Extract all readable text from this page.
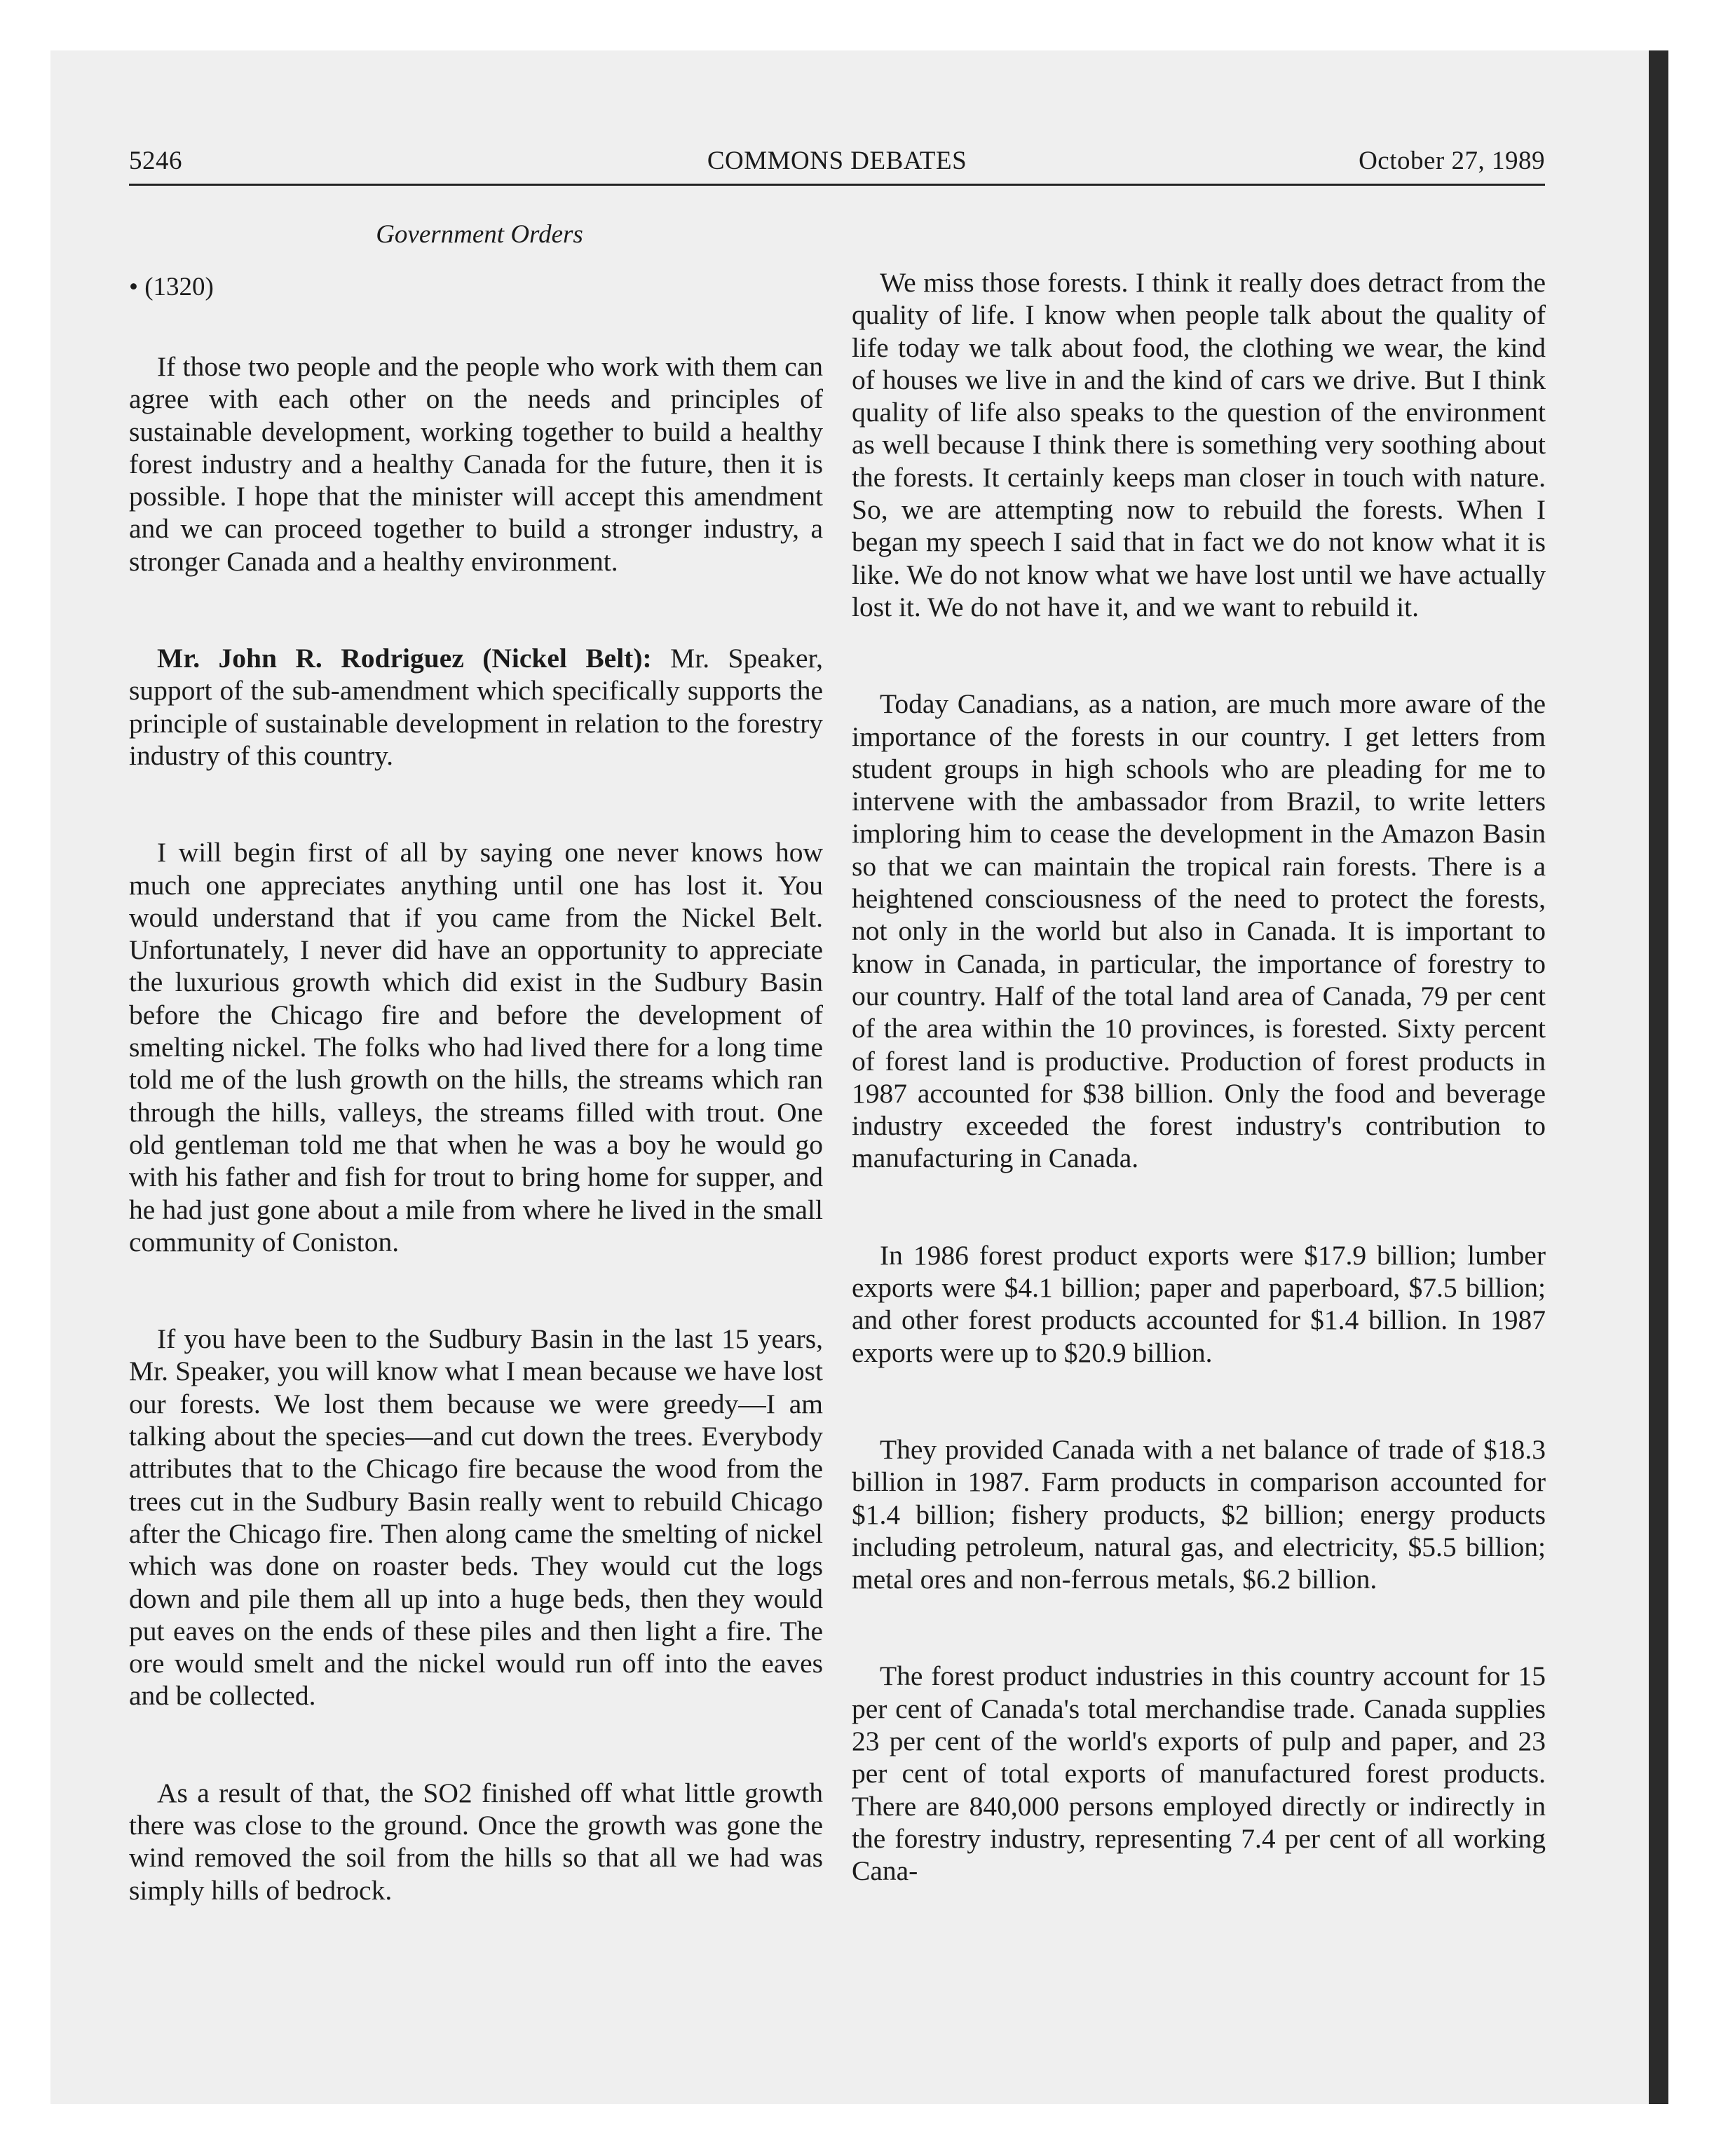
5246	COMMONS DEBATES	October 27, 1989
Government Orders
• (1320)

If those two people and the people who work with them can agree with each other on the needs and principles of sustainable development, working together to build a healthy forest industry and a healthy Canada for the future, then it is possible. I hope that the minister will accept this amendment and we can proceed together to build a stronger industry, a stronger Canada and a healthy environment.

Mr. John R. Rodriguez (Nickel Belt): Mr. Speaker, support of the sub-amendment which specifically supports the principle of sustainable development in relation to the forestry industry of this country.

I will begin first of all by saying one never knows how much one appreciates anything until one has lost it. You would understand that if you came from the Nickel Belt. Unfortunately, I never did have an opportunity to appreciate the luxurious growth which did exist in the Sudbury Basin before the Chicago fire and before the development of smelting nickel. The folks who had lived there for a long time told me of the lush growth on the hills, the streams which ran through the hills, valleys, the streams filled with trout. One old gentleman told me that when he was a boy he would go with his father and fish for trout to bring home for supper, and he had just gone about a mile from where he lived in the small community of Coniston.

If you have been to the Sudbury Basin in the last 15 years, Mr. Speaker, you will know what I mean because we have lost our forests. We lost them because we were greedy—I am talking about the species—and cut down the trees. Everybody attributes that to the Chicago fire because the wood from the trees cut in the Sudbury Basin really went to rebuild Chicago after the Chicago fire. Then along came the smelting of nickel which was done on roaster beds. They would cut the logs down and pile them all up into a huge beds, then they would put eaves on the ends of these piles and then light a fire. The ore would smelt and the nickel would run off into the eaves and be collected.

As a result of that, the SO2 finished off what little growth there was close to the ground. Once the growth was gone the wind removed the soil from the hills so that all we had was simply hills of bedrock.

We miss those forests. I think it really does detract from the quality of life. I know when people talk about the quality of life today we talk about food, the clothing we wear, the kind of houses we live in and the kind of cars we drive. But I think quality of life also speaks to the question of the environment as well because I think there is something very soothing about the forests. It certainly keeps man closer in touch with nature. So, we are attempting now to rebuild the forests. When I began my speech I said that in fact we do not know what it is like. We do not know what we have lost until we have actually lost it. We do not have it, and we want to rebuild it.

Today Canadians, as a nation, are much more aware of the importance of the forests in our country. I get letters from student groups in high schools who are pleading for me to intervene with the ambassador from Brazil, to write letters imploring him to cease the development in the Amazon Basin so that we can maintain the tropical rain forests. There is a heightened consciousness of the need to protect the forests, not only in the world but also in Canada. It is important to know in Canada, in particular, the importance of forestry to our country. Half of the total land area of Canada, 79 per cent of the area within the 10 provinces, is forested. Sixty percent of forest land is productive. Production of forest products in 1987 accounted for $38 billion. Only the food and beverage industry exceeded the forest industry's contribution to manufacturing in Canada.

In 1986 forest product exports were $17.9 billion; lumber exports were $4.1 billion; paper and paperboard, $7.5 billion; and other forest products accounted for $1.4 billion. In 1987 exports were up to $20.9 billion.

They provided Canada with a net balance of trade of $18.3 billion in 1987. Farm products in comparison accounted for $1.4 billion; fishery products, $2 billion; energy products including petroleum, natural gas, and electricity, $5.5 billion; metal ores and non-ferrous metals, $6.2 billion.

The forest product industries in this country account for 15 per cent of Canada's total merchandise trade. Canada supplies 23 per cent of the world's exports of pulp and paper, and 23 per cent of total exports of manufactured forest products. There are 840,000 persons employed directly or indirectly in the forestry industry, representing 7.4 per cent of all working Cana-
